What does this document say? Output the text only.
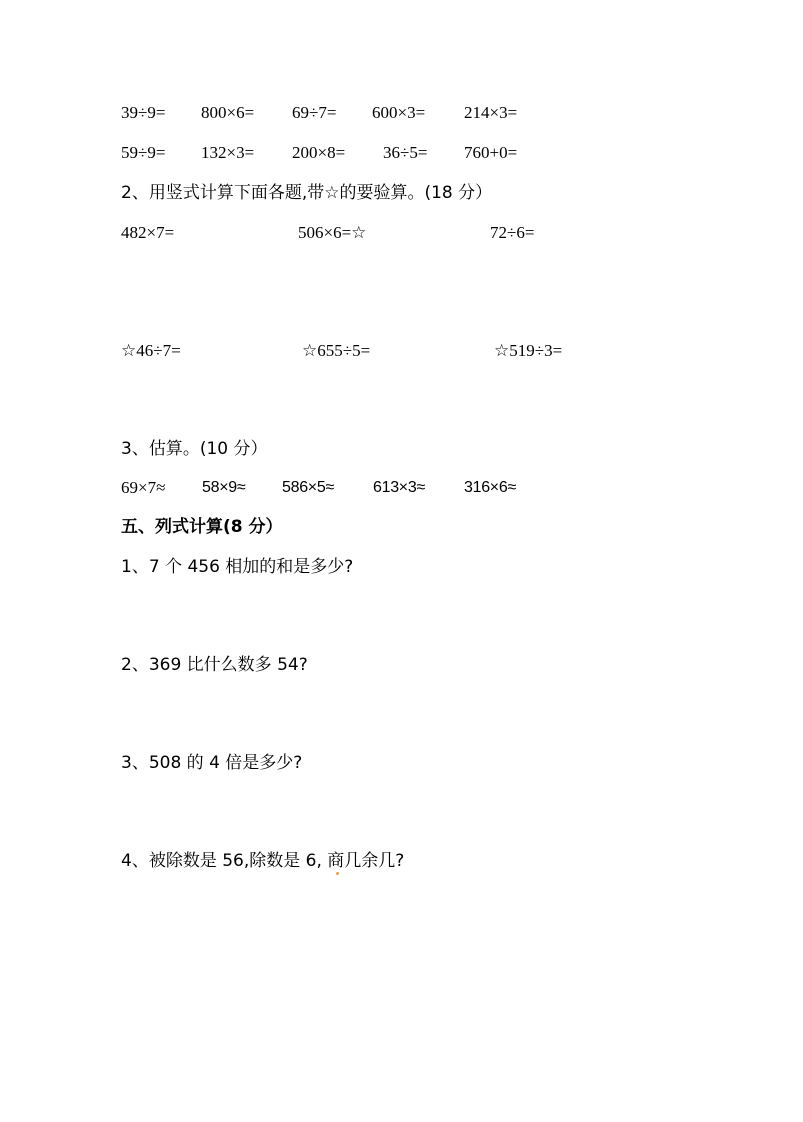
39÷9= 800×6= 69÷7= 600×3= 214×3=
59÷9= 132×3= 200×8= 36÷5= 760+0=
2、用竖式计算下面各题,带☆的要验算。(18 分）
482×7=	506×6=☆	72÷6=
☆46÷7=	☆655÷5=	☆519÷3=
3、估算。(10 分）
69×7≈ 58×9≈ 586×5≈ 613×3≈ 316×6≈
五、列式计算(8 分）
1、7 个 456 相加的和是多少?
2、369 比什么数多 54?
3、508 的 4 倍是多少?
4、被除数是 56,除数是 6, 商几余几?
